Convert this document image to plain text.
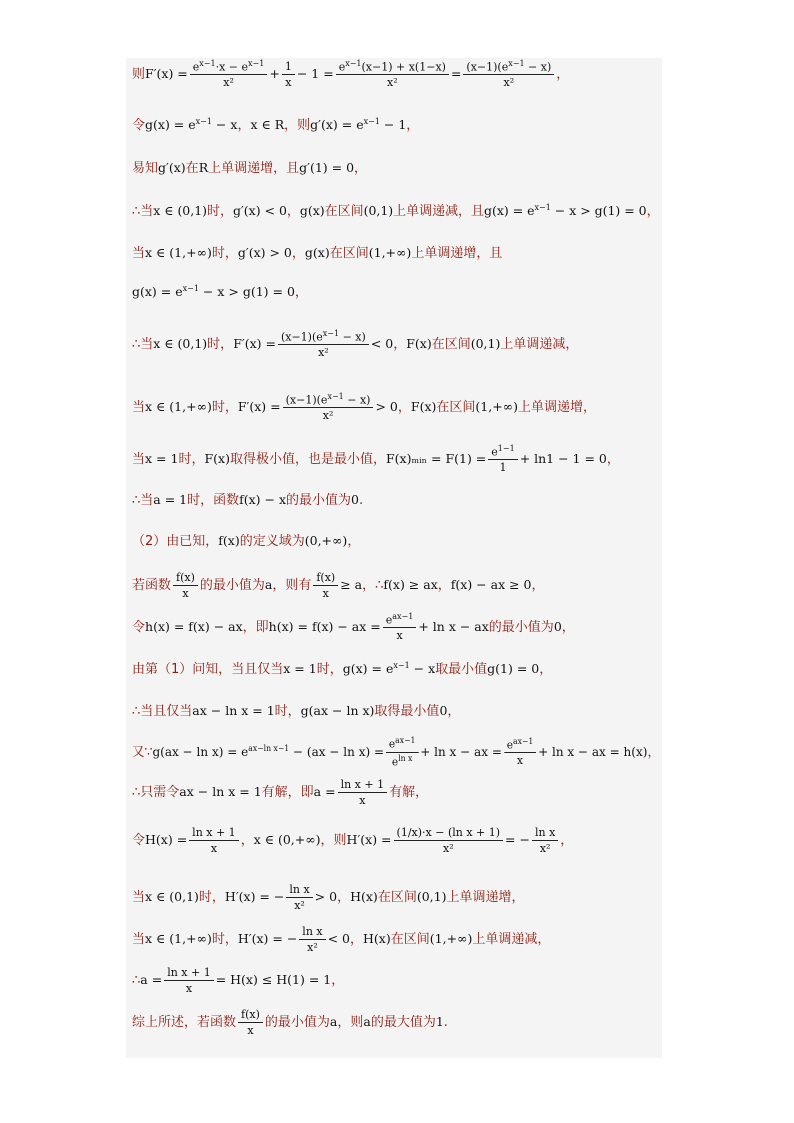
则 $F'(x) = \frac{e^{x-1}\cdot x - e^{x-1}}{\text{x²}} + \frac{1}{x} - 1 = \frac{e^{x-1}(x-1) + x(1-x)}{\text{x²}} = \frac{(x-1)(e^{x-1} - x)}{\text{x²}}$ ，
令 $g(x) = e^{x-1} - x$ ， x ∈ R ，则 $g'(x) = e^{x-1} - 1$ ，
易知 g′(x) 在 R 上单调递增，且 g′(1) = 0 ，
∴当 x ∈ (0,1) 时， g′(x) < 0 ， g(x) 在区间 (0,1) 上单调递减，且 $g(x) = e^{x-1} - x > g(1) = 0$ ，
当 x ∈ (1,+∞) 时， g′(x) > 0 ， g(x) 在区间 (1,+∞) 上单调递增，且
$g(x) = e^{x-1} - x > g(1) = 0$ ，
∴当 x ∈ (0,1) 时， $F'(x) = \frac{(x-1)(e^{x-1} - x)}{\text{x²}} < 0$ ， F(x) 在区间 (0,1) 上单调递减，
当 x ∈ (1,+∞) 时， $F'(x) = \frac{(x-1)(e^{x-1} - x)}{\text{x²}} > 0$ ， F(x) 在区间 (1,+∞) 上单调递增，
当 x = 1 时， F(x) 取得极小值，也是最小值， F(x)ₘᵢₙ = $F(1) = \frac{e^{1-1}}{1} + \ln 1 - 1 = 0$ ，
∴当 a = 1 时，函数 f(x) − x 的最小值为 0 .
（2）由已知， f(x) 的定义域为 (0,+∞) ，
若函数 $\frac{f(x)}{x}$ 的最小值为 a ，则有 $\frac{f(x)}{x} \ge a$ ，∴ f(x) ≥ ax ， f(x) − ax ≥ 0 ，
令 h(x) = f(x) − ax ，即 h(x) = f(x) − ax = $\frac{e^{ax-1}}{x} + \ln x$ − ax 的最小值为 0 ，
由第（1）问知，当且仅当 x = 1 时， $g(x) = e^{x-1} - x$ 取最小值 g(1) = 0 ，
∴当且仅当 ax − ln x = 1 时， g(ax − ln x) 取得最小值 0 ，
又∵ $g(ax - \ln x) = e^{ax-ln x-1} - (ax - \ln x) = \frac{e^{ax-1}}{e^{ln x}} + \ln x$ − ax = $\frac{e^{ax-1}}{x} + \ln x$ − ax = h(x) ，
∴只需令 ax − ln x = 1 有解，即 $a = \frac{\text{ln x + 1}}{x}$ 有解，
令 $H(x) = \frac{\text{ln x + 1}}{x}$ ， x ∈ (0,+∞) ，则 $H'(x) = \frac{\text{(1/x)·x − (ln x + 1)}}{\text{x²}}$ = − $\frac{\text{ln x}}{\text{x²}}$ ，
当 x ∈ (0,1) 时， H′(x) = − $\frac{\text{ln x}}{\text{x²}} > 0$ ， H(x) 在区间 (0,1) 上单调递增，
当 x ∈ (1,+∞) 时， H′(x) = − $\frac{\text{ln x}}{\text{x²}} < 0$ ， H(x) 在区间 (1,+∞) 上单调递减，
∴ $a = \frac{\text{ln x + 1}}{x} = H(x) \le H(1) = 1$ ，
综上所述，若函数 $\frac{f(x)}{x}$ 的最小值为 a ，则 a 的最大值为 1 .
